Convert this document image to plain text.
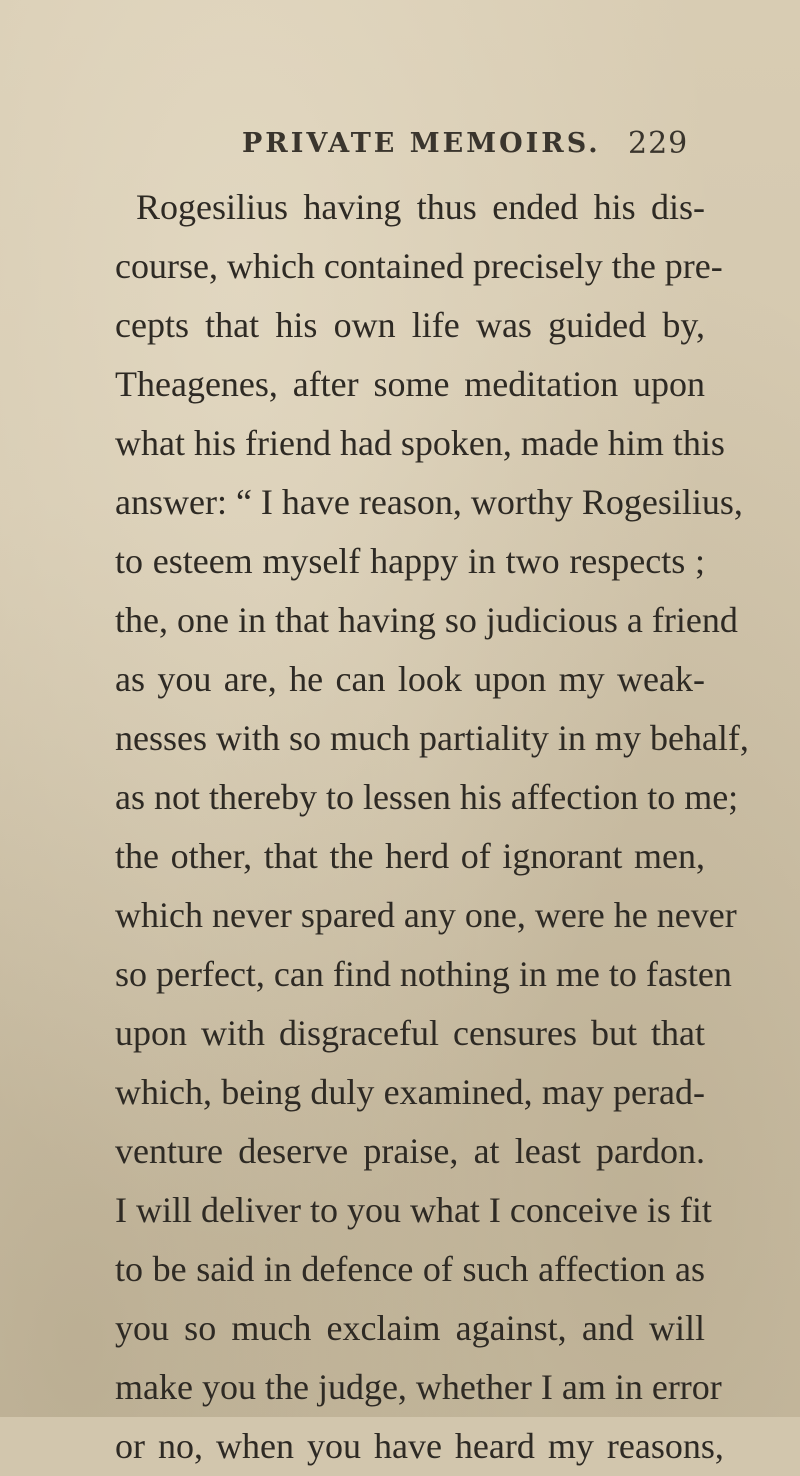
PRIVATE MEMOIRS. 229
Rogesilius having thus ended his dis-
course, which contained precisely the pre-
cepts that his own life was guided by,
Theagenes, after some meditation upon
what his friend had spoken, made him this
answer: “ I have reason, worthy Rogesilius,
to esteem myself happy in two respects ;
the, one in that having so judicious a friend
as you are, he can look upon my weak-
nesses with so much partiality in my behalf,
as not thereby to lessen his affection to me;
the other, that the herd of ignorant men,
which never spared any one, were he never
so perfect, can find nothing in me to fasten
upon with disgraceful censures but that
which, being duly examined, may perad-
venture deserve praise, at least pardon.
I will deliver to you what I conceive is fit
to be said in defence of such affection as
you so much exclaim against, and will
make you the judge, whether I am in error
or no, when you have heard my reasons,
